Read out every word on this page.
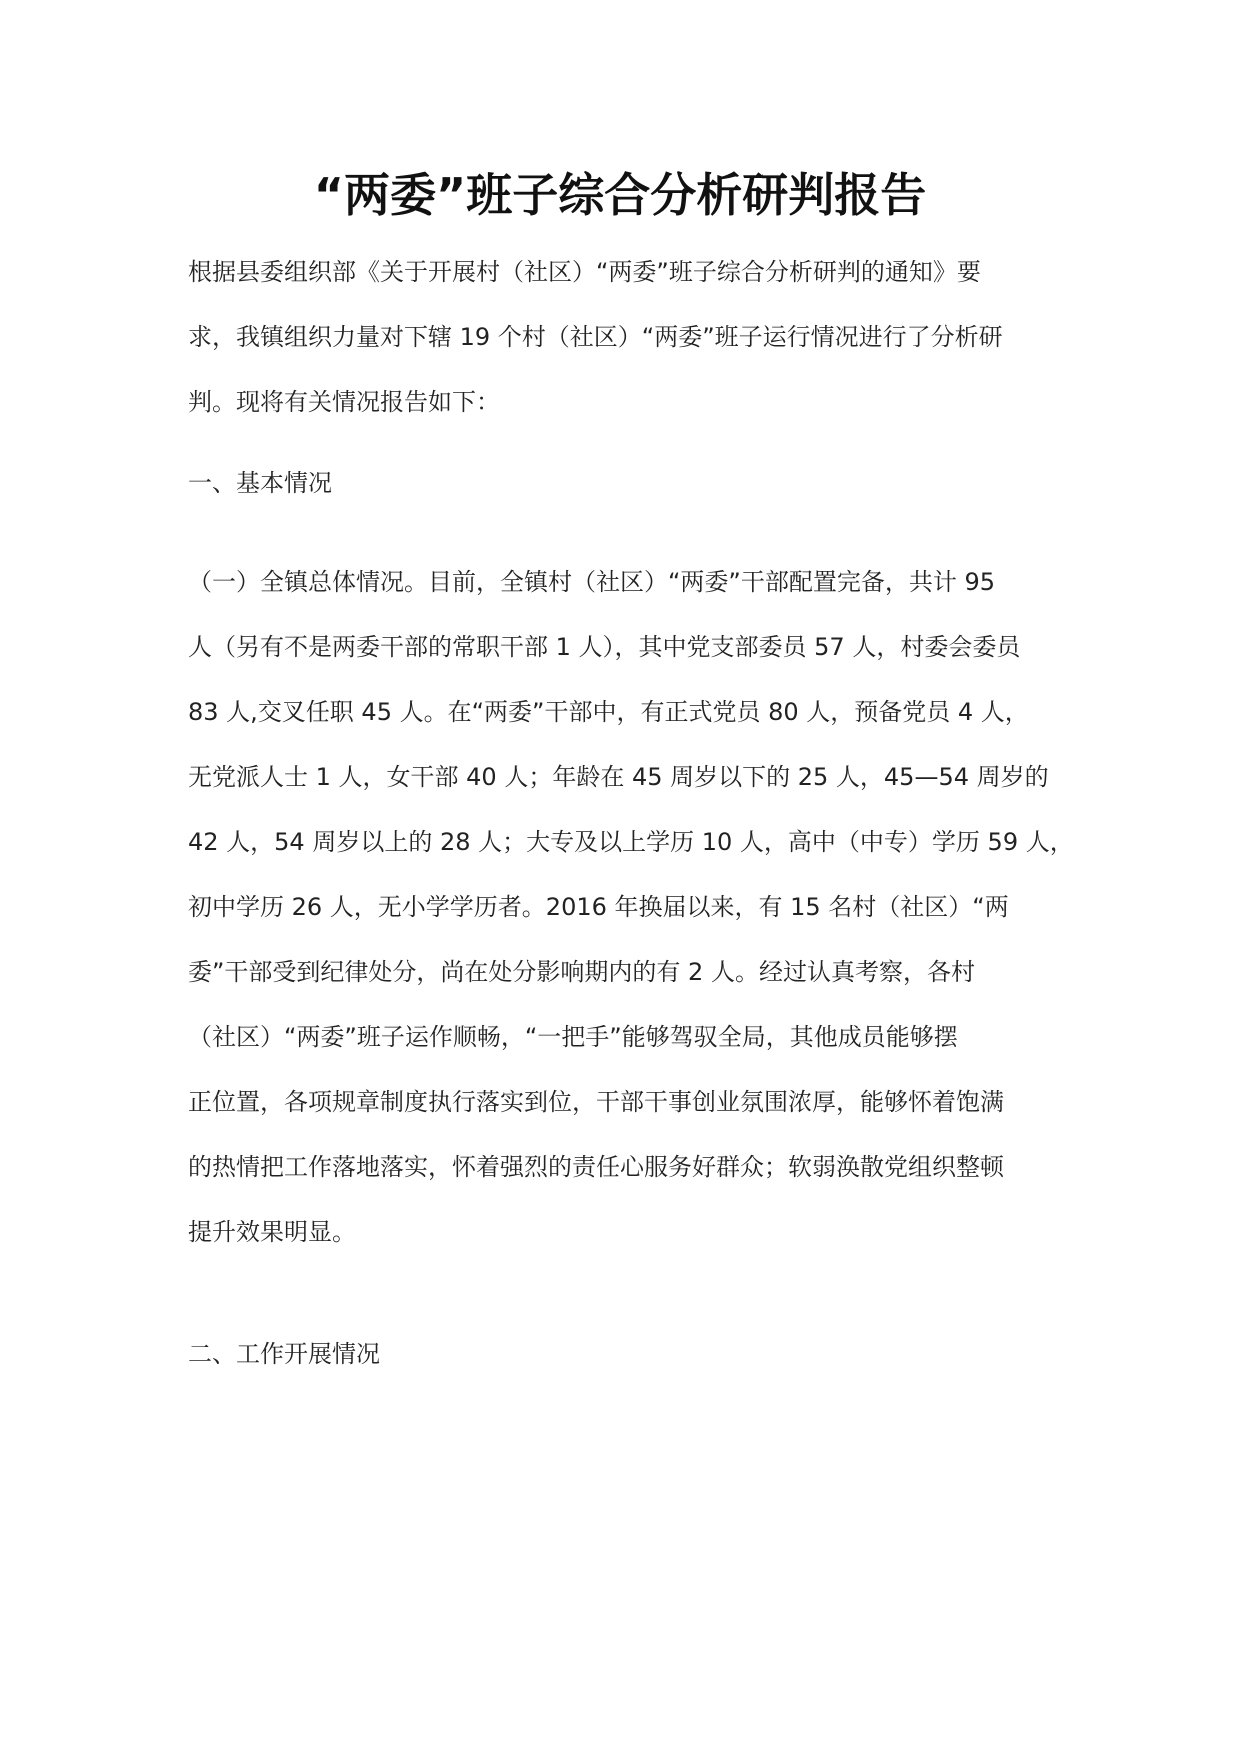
“两委”班子综合分析研判报告
根据县委组织部《关于开展村（社区）“两委”班子综合分析研判的通知》要
求，我镇组织力量对下辖 19 个村（社区）“两委”班子运行情况进行了分析研
判。现将有关情况报告如下：
一、基本情况
（一）全镇总体情况。目前，全镇村（社区）“两委”干部配置完备，共计 95
人（另有不是两委干部的常职干部 1 人），其中党支部委员 57 人，村委会委员
83 人,交叉任职 45 人。在“两委”干部中，有正式党员 80 人，预备党员 4 人，
无党派人士 1 人，女干部 40 人；年龄在 45 周岁以下的 25 人，45—54 周岁的
42 人，54 周岁以上的 28 人；大专及以上学历 10 人，高中（中专）学历 59 人，
初中学历 26 人，无小学学历者。2016 年换届以来，有 15 名村（社区）“两
委”干部受到纪律处分，尚在处分影响期内的有 2 人。经过认真考察，各村
（社区）“两委”班子运作顺畅，“一把手”能够驾驭全局，其他成员能够摆
正位置，各项规章制度执行落实到位，干部干事创业氛围浓厚，能够怀着饱满
的热情把工作落地落实，怀着强烈的责任心服务好群众；软弱涣散党组织整顿
提升效果明显。
二、工作开展情况
